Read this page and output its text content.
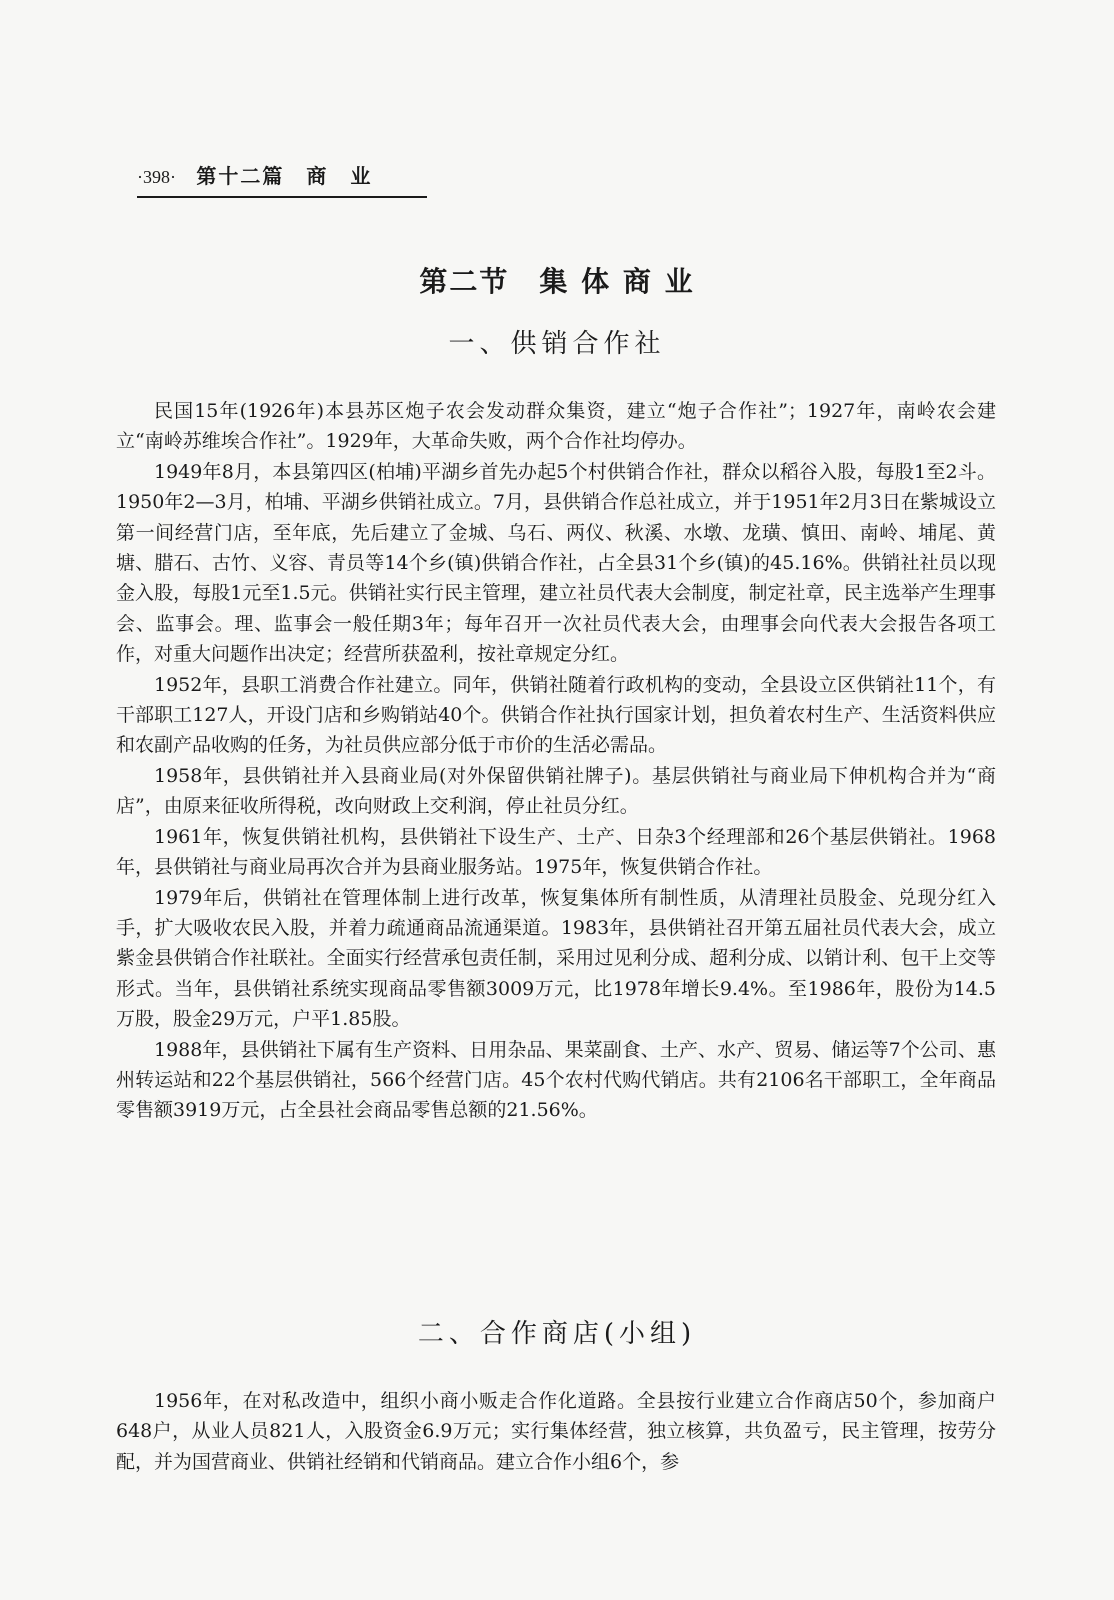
·398· 第十二篇　商　业
第二节　集 体 商 业
一、供销合作社

民国15年(1926年)本县苏区炮子农会发动群众集资，建立“炮子合作社”；1927年，南岭农会建立“南岭苏维埃合作社”。1929年，大革命失败，两个合作社均停办。

1949年8月，本县第四区(柏埔)平湖乡首先办起5个村供销合作社，群众以稻谷入股，每股1至2斗。1950年2—3月，柏埔、平湖乡供销社成立。7月，县供销合作总社成立，并于1951年2月3日在紫城设立第一间经营门店，至年底，先后建立了金城、乌石、两仪、秋溪、水墩、龙璜、慎田、南岭、埔尾、黄塘、腊石、古竹、义容、青员等14个乡(镇)供销合作社，占全县31个乡(镇)的45.16%。供销社社员以现金入股，每股1元至1.5元。供销社实行民主管理，建立社员代表大会制度，制定社章，民主选举产生理事会、监事会。理、监事会一般任期3年；每年召开一次社员代表大会，由理事会向代表大会报告各项工作，对重大问题作出决定；经营所获盈利，按社章规定分红。

1952年，县职工消费合作社建立。同年，供销社随着行政机构的变动，全县设立区供销社11个，有干部职工127人，开设门店和乡购销站40个。供销合作社执行国家计划，担负着农村生产、生活资料供应和农副产品收购的任务，为社员供应部分低于市价的生活必需品。

1958年，县供销社并入县商业局(对外保留供销社牌子)。基层供销社与商业局下伸机构合并为“商店”，由原来征收所得税，改向财政上交利润，停止社员分红。

1961年，恢复供销社机构，县供销社下设生产、土产、日杂3个经理部和26个基层供销社。1968年，县供销社与商业局再次合并为县商业服务站。1975年，恢复供销合作社。

1979年后，供销社在管理体制上进行改革，恢复集体所有制性质，从清理社员股金、兑现分红入手，扩大吸收农民入股，并着力疏通商品流通渠道。1983年，县供销社召开第五届社员代表大会，成立紫金县供销合作社联社。全面实行经营承包责任制，采用过见利分成、超利分成、以销计利、包干上交等形式。当年，县供销社系统实现商品零售额3009万元，比1978年增长9.4%。至1986年，股份为14.5万股，股金29万元，户平1.85股。

1988年，县供销社下属有生产资料、日用杂品、果菜副食、土产、水产、贸易、储运等7个公司、惠州转运站和22个基层供销社，566个经营门店。45个农村代购代销店。共有2106名干部职工，全年商品零售额3919万元，占全县社会商品零售总额的21.56%。

二、合作商店(小组)

1956年，在对私改造中，组织小商小贩走合作化道路。全县按行业建立合作商店50个，参加商户648户，从业人员821人，入股资金6.9万元；实行集体经营，独立核算，共负盈亏，民主管理，按劳分配，并为国营商业、供销社经销和代销商品。建立合作小组6个，参
